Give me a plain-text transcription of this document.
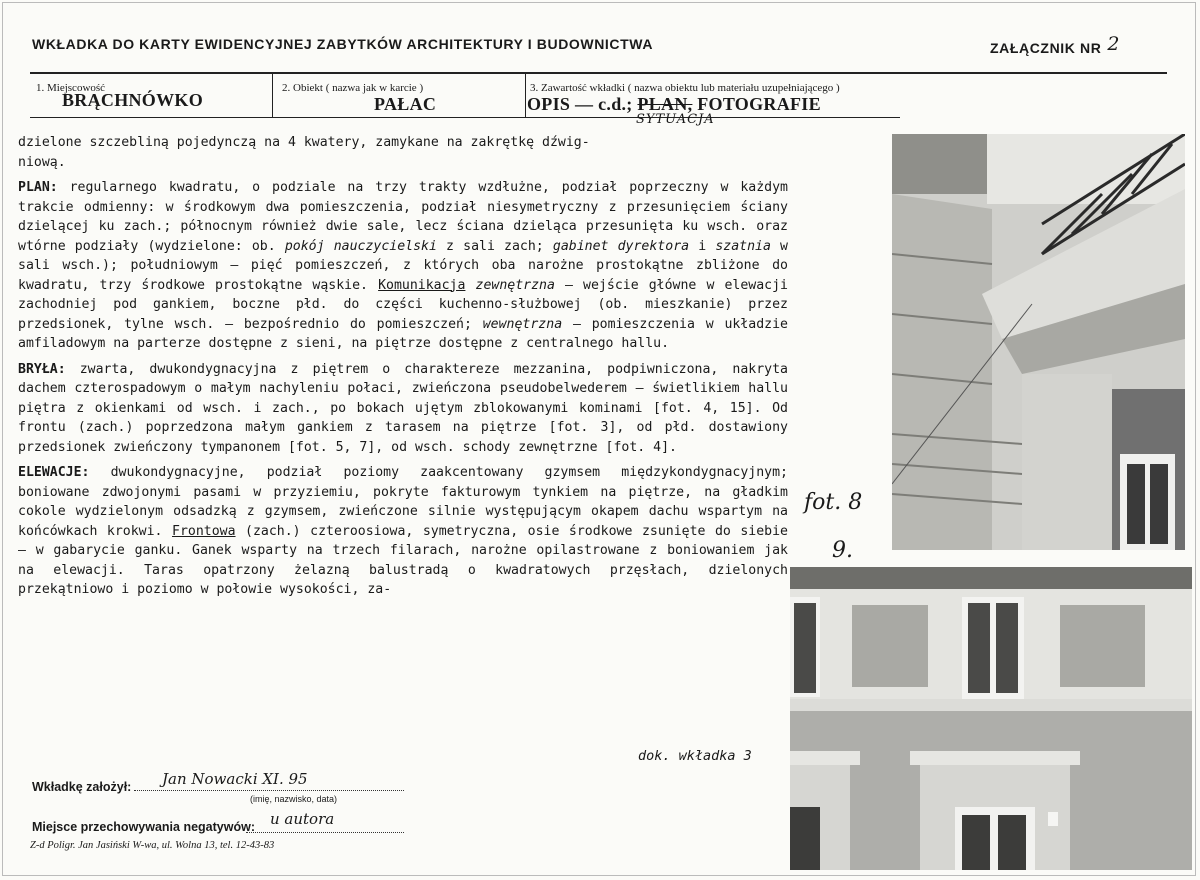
WKŁADKA DO KARTY EWIDENCYJNEJ ZABYTKÓW ARCHITEKTURY I BUDOWNICTWA	ZAŁĄCZNIK NR 2
1. Miejscowość
BRĄCHNÓWKO
2. Obiekt ( nazwa jak w karcie )
PAŁAC
3. Zawartość wkładki ( nazwa obiektu lub materiału uzupełniającego )
OPIS — c.d.; PLAN, FOTOGRAFIE
SYTUACJA

dzielone szczebliną pojedynczą na 4 kwatery, zamykane na zakrętkę dźwig-
niową.

PLAN: regularnego kwadratu, o podziale na trzy trakty wzdłużne, podział poprzeczny w każdym trakcie odmienny: w środkowym dwa pomieszczenia, podział niesymetryczny z przesunięciem ściany dzielącej ku zach.; północnym również dwie sale, lecz ściana dzieląca przesunięta ku wsch. oraz wtórne podziały (wydzielone: ob. pokój nauczycielski z sali zach; gabinet dyrektora i szatnia w sali wsch.); południowym – pięć pomieszczeń, z których oba narożne prostokątne zbliżone do kwadratu, trzy środkowe prostokątne wąskie. Komunikacja zewnętrzna – wejście główne w elewacji zachodniej pod gankiem, boczne płd. do części kuchenno-służbowej (ob. mieszkanie) przez przedsionek, tylne wsch. – bezpośrednio do pomieszczeń; wewnętrzna – pomieszczenia w układzie amfiladowym na parterze dostępne z sieni, na piętrze dostępne z centralnego hallu.

BRYŁA: zwarta, dwukondygnacyjna z piętrem o charaktereze mezzanina, podpiwniczona, nakryta dachem czterospadowym o małym nachyleniu połaci, zwieńczona pseudobelwederem – świetlikiem hallu piętra z okienkami od wsch. i zach., po bokach ujętym zblokowanymi kominami [fot. 4, 15]. Od frontu (zach.) poprzedzona małym gankiem z tarasem na piętrze [fot. 3], od płd. dostawiony przedsionek zwieńczony tympanonem [fot. 5, 7], od wsch. schody zewnętrzne [fot. 4].

ELEWACJE: dwukondygnacyjne, podział poziomy zaakcentowany gzymsem międzykondygnacyjnym; boniowane zdwojonymi pasami w przyziemiu, pokryte fakturowym tynkiem na piętrze, na gładkim cokole wydzielonym odsadzką z gzymsem, zwieńczone silnie występującym okapem dachu wspartym na końcówkach krokwi. Frontowa (zach.) czteroosiowa, symetryczna, osie środkowe zsunięte do siebie – w gabarycie ganku. Ganek wsparty na trzech filarach, narożne opilastrowane z boniowaniem jak na elewacji. Taras opatrzony żelazną balustradą o kwadratowych przęsłach, dzielonych przekątniowo i poziomo w połowie wysokości, za-

dok. wkładka 3
Wkładkę założył: Jan Nowacki XI. 95
(imię, nazwisko, data)
Miejsce przechowywania negatywów: u autora
Z-d Poligr. Jan Jasiński W-wa, ul. Wolna 13, tel. 12-43-83
fot. 8
9.
